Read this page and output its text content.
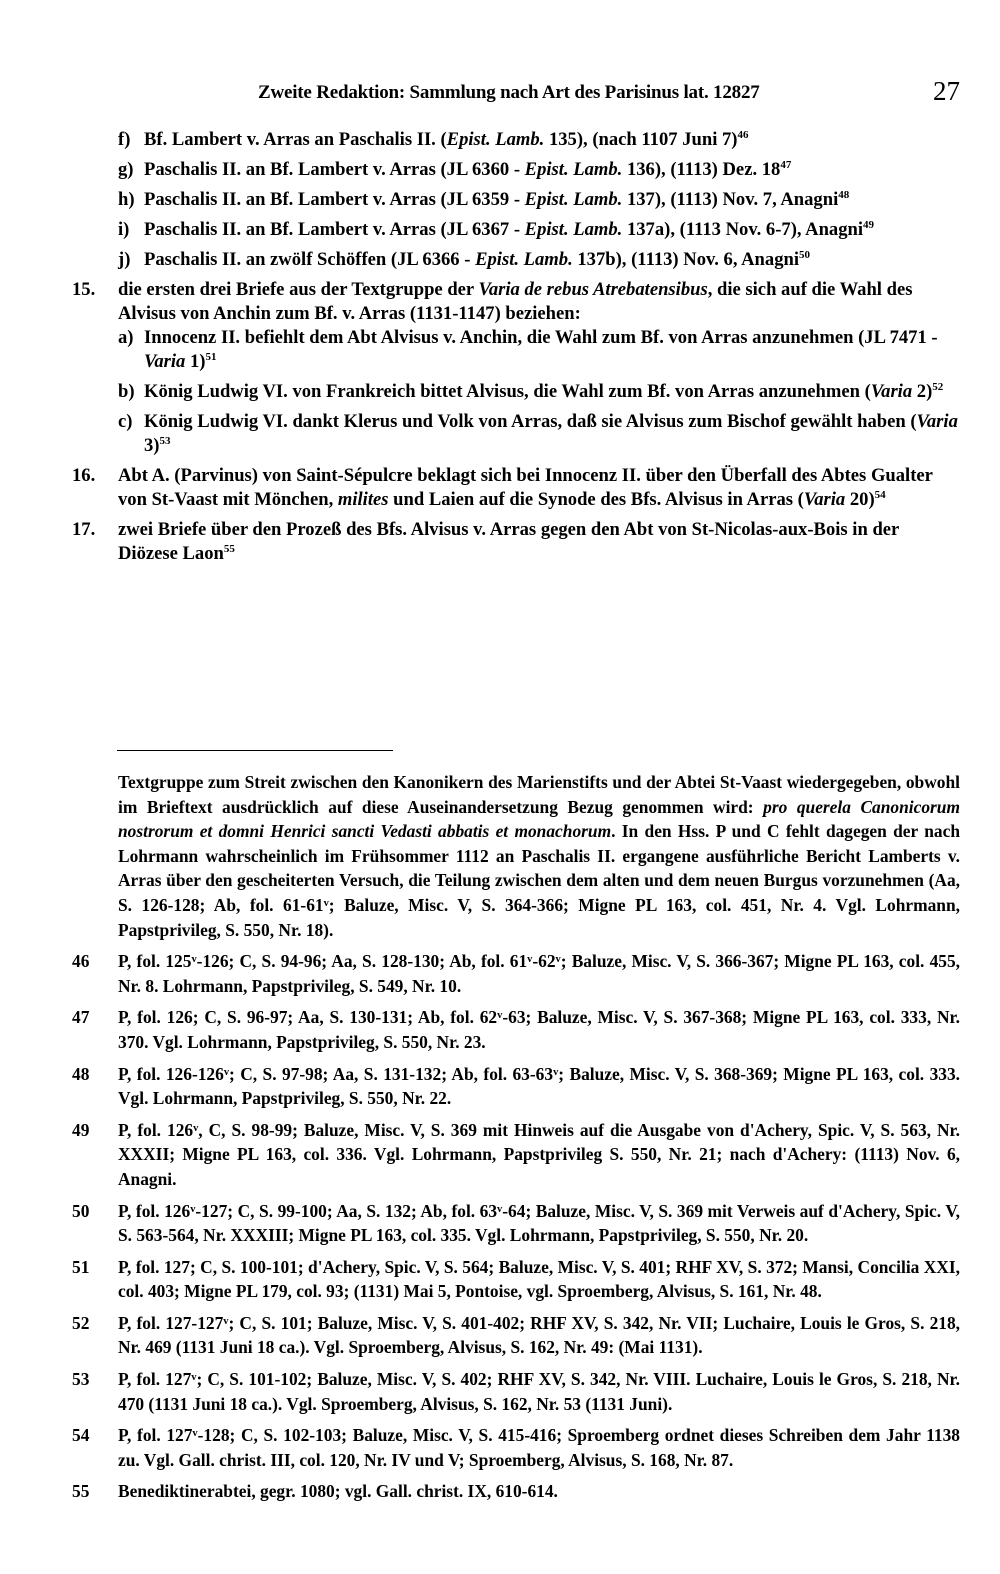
Zweite Redaktion: Sammlung nach Art des Parisinus lat. 12827	27
f) Bf. Lambert v. Arras an Paschalis II. (Epist. Lamb. 135), (nach 1107 Juni 7)$^{46}$
g) Paschalis II. an Bf. Lambert v. Arras (JL 6360 - Epist. Lamb. 136), (1113) Dez. $18^{47}$
h) Paschalis II. an Bf. Lambert v. Arras (JL 6359 - Epist. Lamb. 137), (1113) Nov. 7, Anagni$^{48}$
i) Paschalis II. an Bf. Lambert v. Arras (JL 6367 - Epist. Lamb. 137a), (1113 Nov. 6-7), Anagni$^{49}$
j) Paschalis II. an zwölf Schöffen (JL 6366 - Epist. Lamb. 137b), (1113) Nov. 6, Anagni$^{50}$
15. die ersten drei Briefe aus der Textgruppe der Varia de rebus Atrebatensibus, die sich auf die Wahl des Alvisus von Anchin zum Bf. v. Arras (1131-1147) beziehen:
a) Innocenz II. befiehlt dem Abt Alvisus v. Anchin, die Wahl zum Bf. von Arras anzunehmen (JL 7471 - Varia 1)$^{51}$
b) König Ludwig VI. von Frankreich bittet Alvisus, die Wahl zum Bf. von Arras anzunehmen (Varia 2)$^{52}$
c) König Ludwig VI. dankt Klerus und Volk von Arras, daß sie Alvisus zum Bischof gewählt haben (Varia 3)$^{53}$
16. Abt A. (Parvinus) von Saint-Sépulcre beklagt sich bei Innocenz II. über den Überfall des Abtes Gualter von St-Vaast mit Mönchen, milites und Laien auf die Synode des Bfs. Alvisus in Arras (Varia 20)$^{54}$
17. zwei Briefe über den Prozeß des Bfs. Alvisus v. Arras gegen den Abt von St-Nicolas-aux-Bois in der Diözese Laon$^{55}$
Textgruppe zum Streit zwischen den Kanonikern des Marienstifts und der Abtei St-Vaast wiedergegeben, obwohl im Brieftext ausdrücklich auf diese Auseinandersetzung Bezug genommen wird: pro querela Canonicorum nostrorum et domni Henrici sancti Vedasti abbatis et monachorum. In den Hss. P und C fehlt dagegen der nach Lohrmann wahrscheinlich im Frühsommer 1112 an Paschalis II. ergangene ausführliche Bericht Lamberts v. Arras über den gescheiterten Versuch, die Teilung zwischen dem alten und dem neuen Burgus vorzunehmen (Aa, S. 126-128; Ab, fol. 61-61ᵛ; Baluze, Misc. V, S. 364-366; Migne PL 163, col. 451, Nr. 4. Vgl. Lohrmann, Papstprivileg, S. 550, Nr. 18).
46 P, fol. 125ᵛ-126; C, S. 94-96; Aa, S. 128-130; Ab, fol. 61ᵛ-62ᵛ; Baluze, Misc. V, S. 366-367; Migne PL 163, col. 455, Nr. 8. Lohrmann, Papstprivileg, S. 549, Nr. 10.
47 P, fol. 126; C, S. 96-97; Aa, S. 130-131; Ab, fol. 62ᵛ-63; Baluze, Misc. V, S. 367-368; Migne PL 163, col. 333, Nr. 370. Vgl. Lohrmann, Papstprivileg, S. 550, Nr. 23.
48 P, fol. 126-126ᵛ; C, S. 97-98; Aa, S. 131-132; Ab, fol. 63-63ᵛ; Baluze, Misc. V, S. 368-369; Migne PL 163, col. 333. Vgl. Lohrmann, Papstprivileg, S. 550, Nr. 22.
49 P, fol. 126ᵛ, C, S. 98-99; Baluze, Misc. V, S. 369 mit Hinweis auf die Ausgabe von d'Achery, Spic. V, S. 563, Nr. XXXII; Migne PL 163, col. 336. Vgl. Lohrmann, Papstprivileg S. 550, Nr. 21; nach d'Achery: (1113) Nov. 6, Anagni.
50 P, fol. 126ᵛ-127; C, S. 99-100; Aa, S. 132; Ab, fol. 63ᵛ-64; Baluze, Misc. V, S. 369 mit Verweis auf d'Achery, Spic. V, S. 563-564, Nr. XXXIII; Migne PL 163, col. 335. Vgl. Lohrmann, Papstprivileg, S. 550, Nr. 20.
51 P, fol. 127; C, S. 100-101; d'Achery, Spic. V, S. 564; Baluze, Misc. V, S. 401; RHF XV, S. 372; Mansi, Concilia XXI, col. 403; Migne PL 179, col. 93; (1131) Mai 5, Pontoise, vgl. Sproemberg, Alvisus, S. 161, Nr. 48.
52 P, fol. 127-127ᵛ; C, S. 101; Baluze, Misc. V, S. 401-402; RHF XV, S. 342, Nr. VII; Luchaire, Louis le Gros, S. 218, Nr. 469 (1131 Juni 18 ca.). Vgl. Sproemberg, Alvisus, S. 162, Nr. 49: (Mai 1131).
53 P, fol. 127ᵛ; C, S. 101-102; Baluze, Misc. V, S. 402; RHF XV, S. 342, Nr. VIII. Luchaire, Louis le Gros, S. 218, Nr. 470 (1131 Juni 18 ca.). Vgl. Sproemberg, Alvisus, S. 162, Nr. 53 (1131 Juni).
54 P, fol. 127ᵛ-128; C, S. 102-103; Baluze, Misc. V, S. 415-416; Sproemberg ordnet dieses Schreiben dem Jahr 1138 zu. Vgl. Gall. christ. III, col. 120, Nr. IV und V; Sproemberg, Alvisus, S. 168, Nr. 87.
55 Benediktinerabtei, gegr. 1080; vgl. Gall. christ. IX, 610-614.
